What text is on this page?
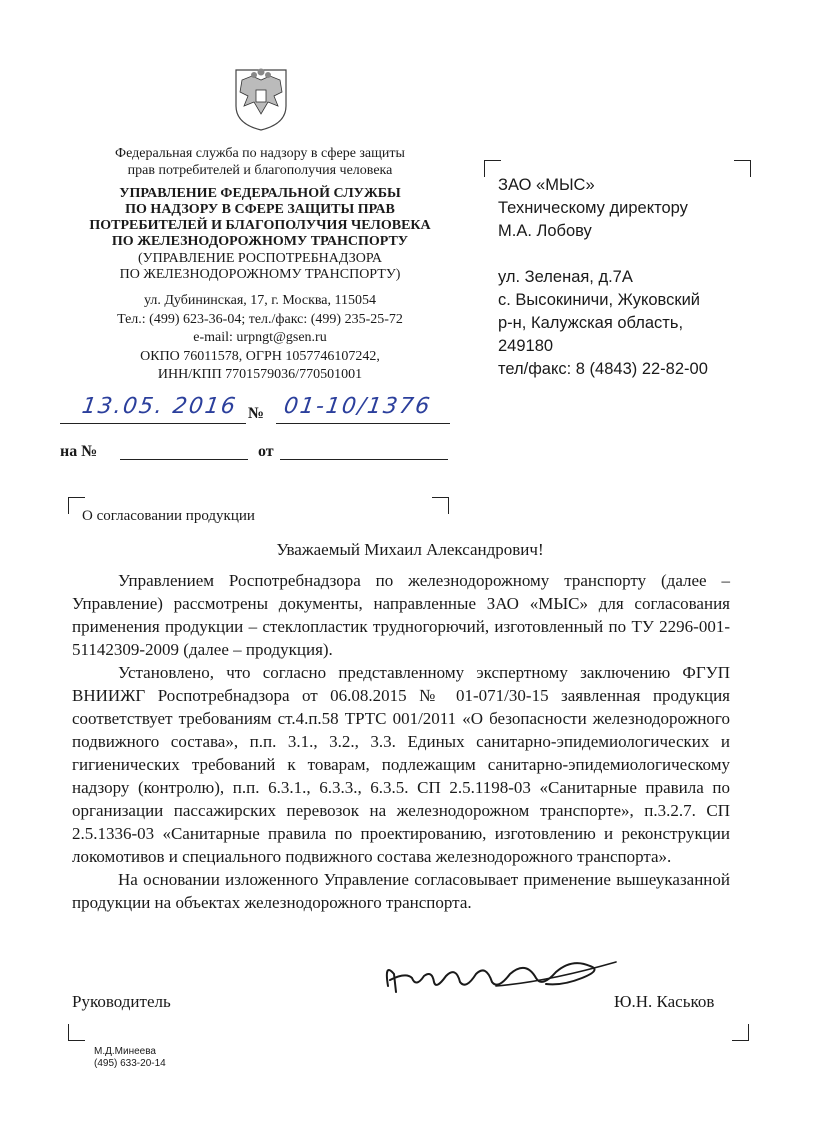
Федеральная служба по надзору в сфере защиты
прав потребителей и благополучия человека
УПРАВЛЕНИЕ ФЕДЕРАЛЬНОЙ СЛУЖБЫ
ПО НАДЗОРУ В СФЕРЕ ЗАЩИТЫ ПРАВ
ПОТРЕБИТЕЛЕЙ И БЛАГОПОЛУЧИЯ ЧЕЛОВЕКА
ПО ЖЕЛЕЗНОДОРОЖНОМУ ТРАНСПОРТУ
(УПРАВЛЕНИЕ РОСПОТРЕБНАДЗОРА
ПО ЖЕЛЕЗНОДОРОЖНОМУ ТРАНСПОРТУ)
ул. Дубининская, 17, г. Москва, 115054
Тел.: (499) 623-36-04; тел./факс: (499) 235-25-72
e-mail: urpngt@gsen.ru
ОКПО 76011578, ОГРН 1057746107242,
ИНН/КПП 7701579036/770501001
13.05. 2016 № 01-10/1376
на №	от
ЗАО «МЫС»
Техническому директору
М.А. Лобову
ул. Зеленая, д.7А
с. Высокиничи, Жуковский
р-н, Калужская область,
249180
тел/факс: 8 (4843) 22-82-00
О согласовании продукции
Уважаемый Михаил Александрович!

Управлением Роспотребнадзора по железнодорожному транспорту (далее – Управление) рассмотрены документы, направленные ЗАО «МЫС» для согласования применения продукции – стеклопластик трудногорючий, изготовленный по ТУ 2296-001-51142309-2009 (далее – продукция).

Установлено, что согласно представленному экспертному заключению ФГУП ВНИИЖГ Роспотребнадзора от 06.08.2015 № 01-071/30-15 заявленная продукция соответствует требованиям ст.4.п.58 ТРТС 001/2011 «О безопасности железнодорожного подвижного состава», п.п. 3.1., 3.2., 3.3. Единых санитарно-эпидемиологических и гигиенических требований к товарам, подлежащим санитарно-эпидемиологическому надзору (контролю), п.п. 6.3.1., 6.3.3., 6.3.5. СП 2.5.1198-03 «Санитарные правила по организации пассажирских перевозок на железнодорожном транспорте», п.3.2.7. СП 2.5.1336-03 «Санитарные правила по проектированию, изготовлению и реконструкции локомотивов и специального подвижного состава железнодорожного транспорта».

На основании изложенного Управление согласовывает применение вышеуказанной продукции на объектах железнодорожного транспорта.

Руководитель	Ю.Н. Каськов
М.Д.Минеева
(495) 633-20-14
